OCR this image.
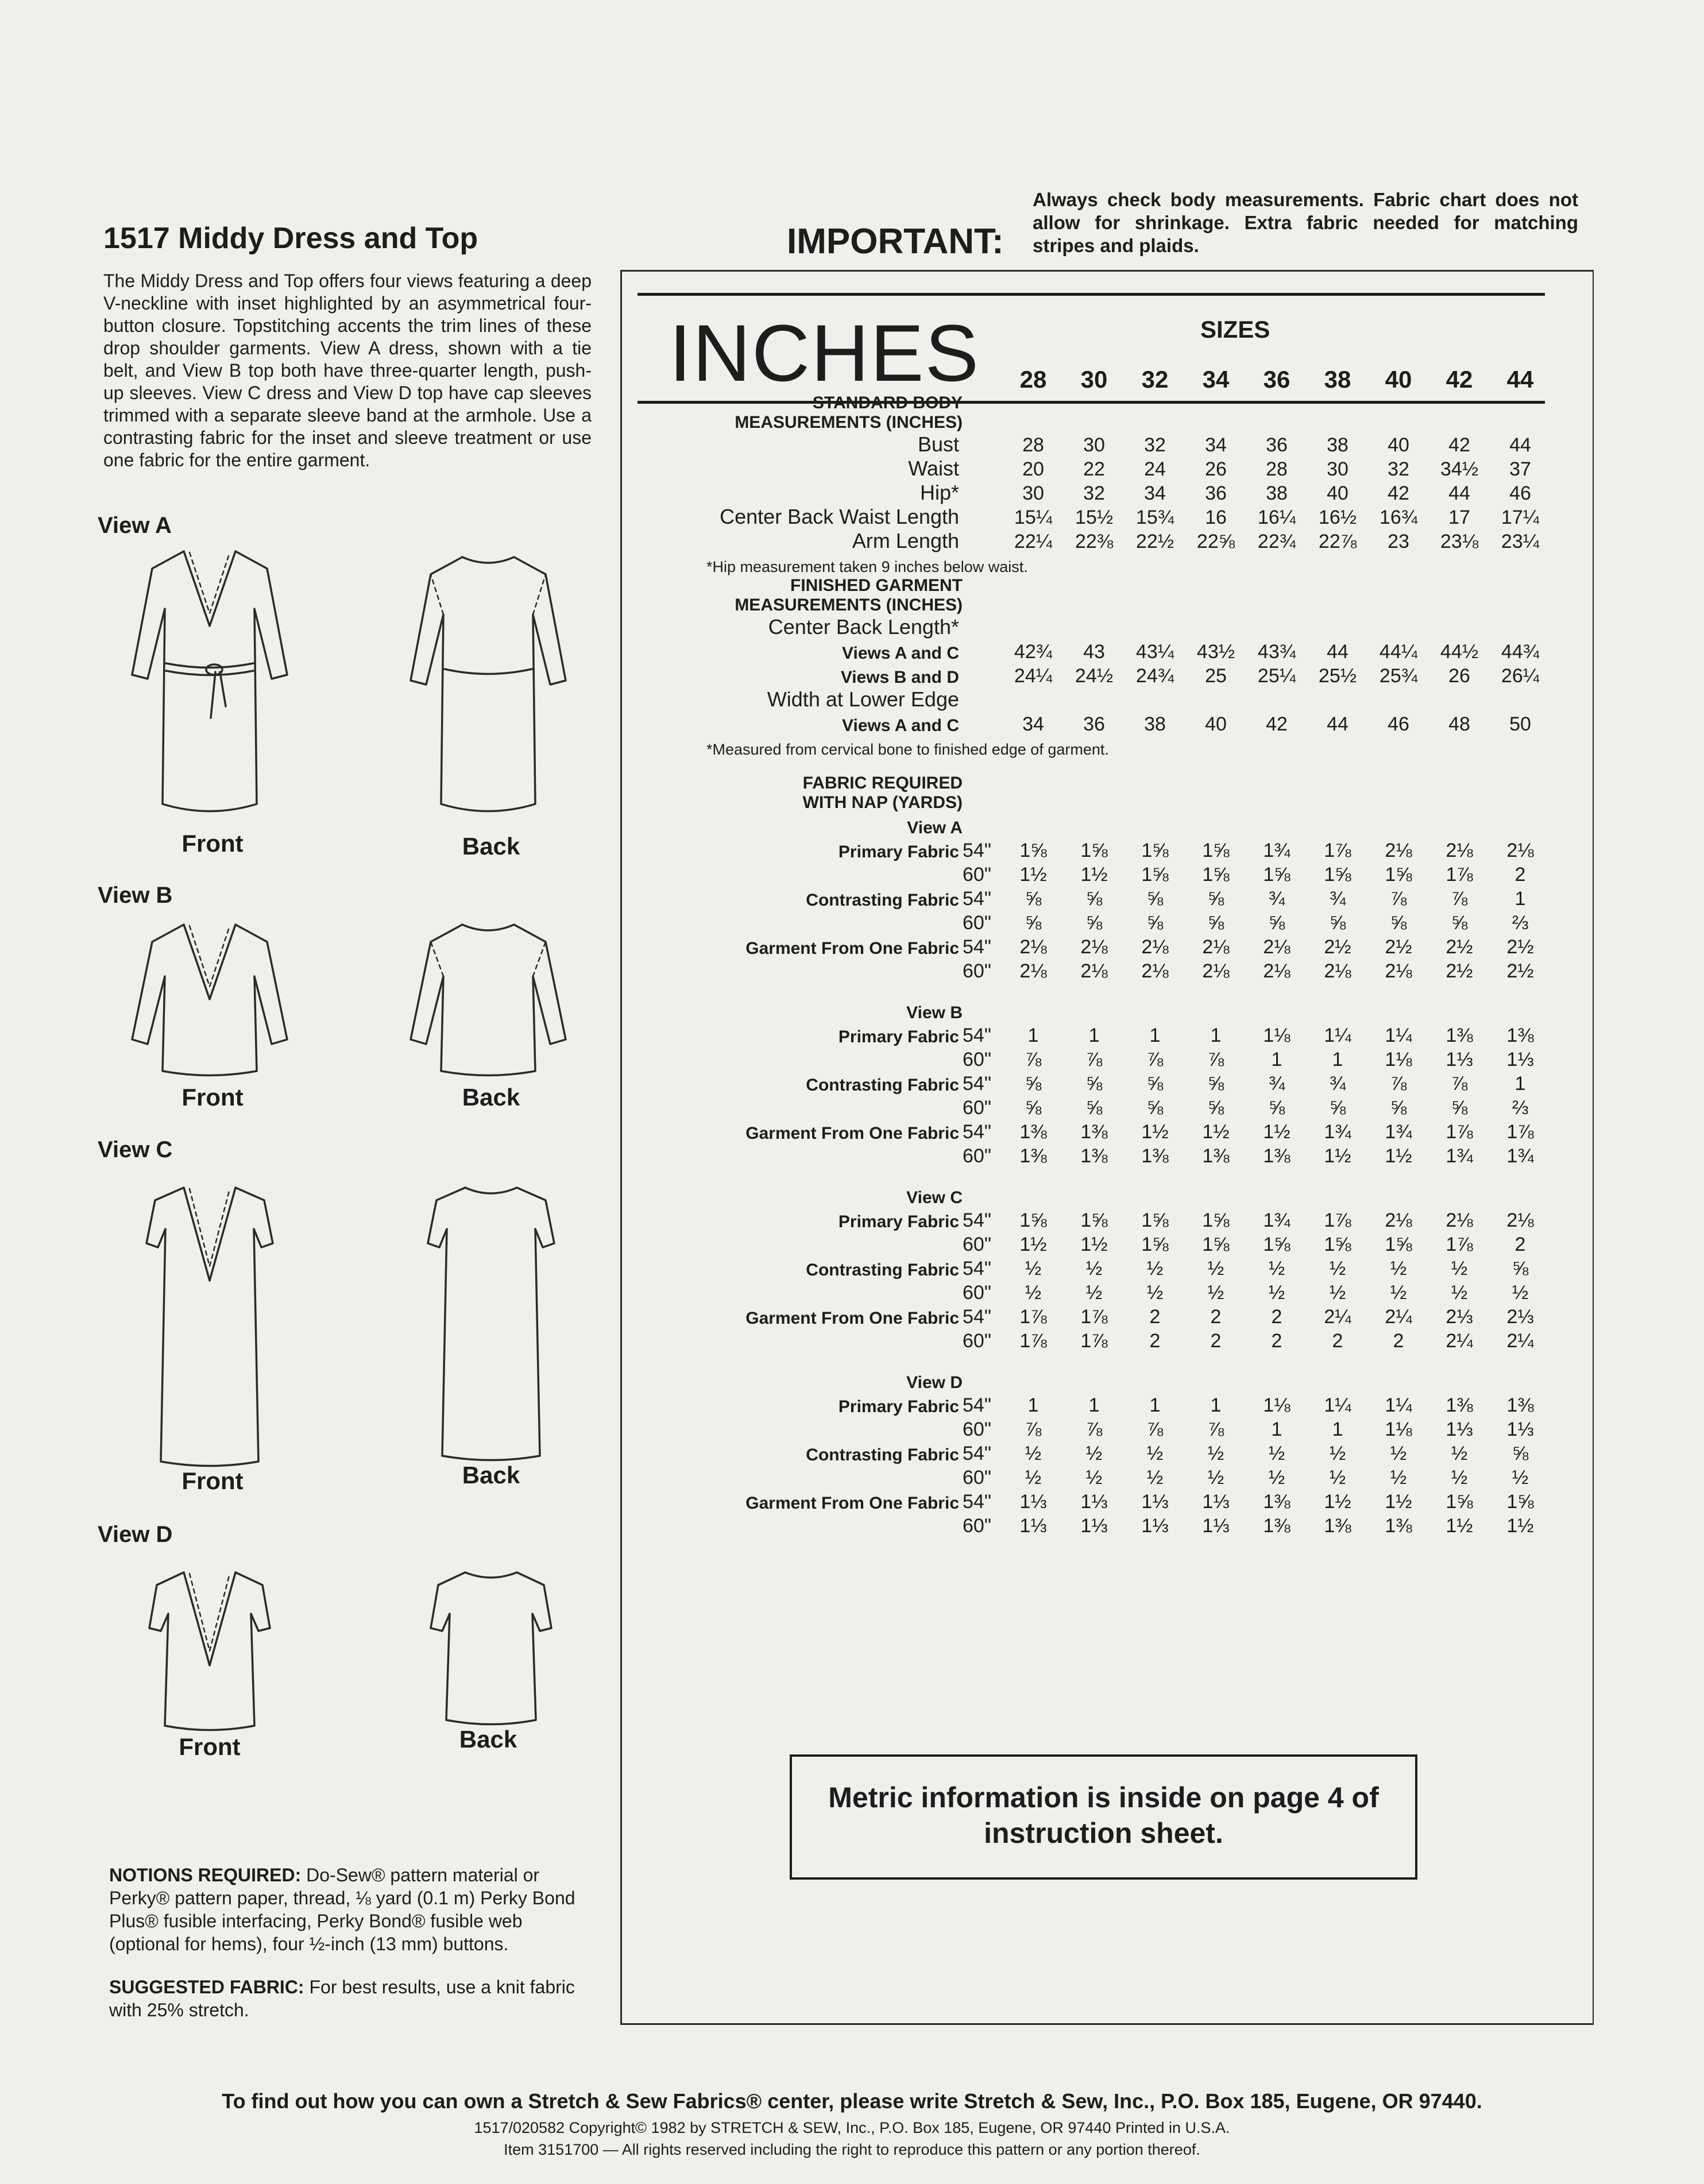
1517 Middy Dress and Top

The Middy Dress and Top offers four views featuring a deep V-neckline with inset highlighted by an asymmetrical four-button closure. Topstitching accents the trim lines of these drop shoulder garments. View A dress, shown with a tie belt, and View B top both have three-quarter length, push-up sleeves. View C dress and View D top have cap sleeves trimmed with a separate sleeve band at the armhole. Use a contrasting fabric for the inset and sleeve treatment or use one fabric for the entire garment.

View A
Front	Back
View B
Front	Back
View C
Front	Back
View D
Front	Back

NOTIONS REQUIRED: Do-Sew® pattern material or Perky® pattern paper, thread, ⅛ yard (0.1 m) Perky Bond Plus® fusible interfacing, Perky Bond® fusible web (optional for hems), four ½-inch (13 mm) buttons.

SUGGESTED FABRIC: For best results, use a knit fabric with 25% stretch.

IMPORTANT:

Always check body measurements. Fabric chart does not allow for shrinkage. Extra fabric needed for matching stripes and plaids.

INCHES	SIZES
		28	30	32	34	36	38	40	42	44
STANDARD BODY										
MEASUREMENTS (INCHES)										
Bust		28	30	32	34	36	38	40	42	44
Waist		20	22	24	26	28	30	32	34½	37
Hip*		30	32	34	36	38	40	42	44	46
Center Back Waist Length		15¼	15½	15¾	16	16¼	16½	16¾	17	17¼
Arm Length		22¼	22⅜	22½	22⅝	22¾	22⅞	23	23⅛	23¼
*Hip measurement taken 9 inches below waist.										
FINISHED GARMENT										
MEASUREMENTS (INCHES)										
Center Back Length*										
Views A and C		42¾	43	43¼	43½	43¾	44	44¼	44½	44¾
Views B and D		24¼	24½	24¾	25	25¼	25½	25¾	26	26¼
Width at Lower Edge										
Views A and C		34	36	38	40	42	44	46	48	50
*Measured from cervical bone to finished edge of garment.										

FABRIC REQUIRED										
WITH NAP (YARDS)										
View A										
Primary Fabric	54"	1⅝	1⅝	1⅝	1⅝	1¾	1⅞	2⅛	2⅛	2⅛
	60"	1½	1½	1⅝	1⅝	1⅝	1⅝	1⅝	1⅞	2
Contrasting Fabric	54"	⅝	⅝	⅝	⅝	¾	¾	⅞	⅞	1
	60"	⅝	⅝	⅝	⅝	⅝	⅝	⅝	⅝	⅔
Garment From One Fabric	54"	2⅛	2⅛	2⅛	2⅛	2⅛	2½	2½	2½	2½
	60"	2⅛	2⅛	2⅛	2⅛	2⅛	2⅛	2⅛	2½	2½

View B										
Primary Fabric	54"	1	1	1	1	1⅛	1¼	1¼	1⅜	1⅜
	60"	⅞	⅞	⅞	⅞	1	1	1⅛	1⅓	1⅓
Contrasting Fabric	54"	⅝	⅝	⅝	⅝	¾	¾	⅞	⅞	1
	60"	⅝	⅝	⅝	⅝	⅝	⅝	⅝	⅝	⅔
Garment From One Fabric	54"	1⅜	1⅜	1½	1½	1½	1¾	1¾	1⅞	1⅞
	60"	1⅜	1⅜	1⅜	1⅜	1⅜	1½	1½	1¾	1¾

View C										
Primary Fabric	54"	1⅝	1⅝	1⅝	1⅝	1¾	1⅞	2⅛	2⅛	2⅛
	60"	1½	1½	1⅝	1⅝	1⅝	1⅝	1⅝	1⅞	2
Contrasting Fabric	54"	½	½	½	½	½	½	½	½	⅝
	60"	½	½	½	½	½	½	½	½	½
Garment From One Fabric	54"	1⅞	1⅞	2	2	2	2¼	2¼	2⅓	2⅓
	60"	1⅞	1⅞	2	2	2	2	2	2¼	2¼

View D										
Primary Fabric	54"	1	1	1	1	1⅛	1¼	1¼	1⅜	1⅜
	60"	⅞	⅞	⅞	⅞	1	1	1⅛	1⅓	1⅓
Contrasting Fabric	54"	½	½	½	½	½	½	½	½	⅝
	60"	½	½	½	½	½	½	½	½	½
Garment From One Fabric	54"	1⅓	1⅓	1⅓	1⅓	1⅜	1½	1½	1⅝	1⅝
	60"	1⅓	1⅓	1⅓	1⅓	1⅜	1⅜	1⅜	1½	1½

Metric information is inside on page 4 of instruction sheet.
To find out how you can own a Stretch & Sew Fabrics® center, please write Stretch & Sew, Inc., P.O. Box 185, Eugene, OR 97440.
1517/020582 Copyright© 1982 by STRETCH & SEW, Inc., P.O. Box 185, Eugene, OR 97440 Printed in U.S.A.
Item 3151700 — All rights reserved including the right to reproduce this pattern or any portion thereof.
